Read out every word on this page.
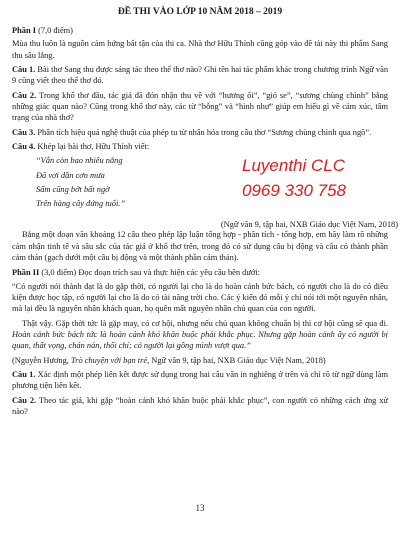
ĐỀ THI VÀO LỚP 10 NĂM 2018 – 2019
Phần I (7,0 điểm)

Mùa thu luôn là nguồn cảm hứng bất tận của thi ca. Nhà thơ Hữu Thỉnh cũng góp vào đề tài này thi phẩm Sang thu sâu lắng.

Câu 1. Bài thơ Sang thu được sáng tác theo thể thơ nào? Ghi tên hai tác phẩm khác trong chương trình Ngữ văn 9 cũng viết theo thể thơ đó.

Câu 2. Trong khổ thơ đầu, tác giả đã đón nhận thu về với “hương ổi”, “gió se”, “sương chùng chình” bằng những giác quan nào? Cũng trong khổ thơ này, các từ “bỗng” và “hình như” giúp em hiểu gì về cảm xúc, tâm trạng của nhà thơ?

Câu 3. Phân tích hiệu quả nghệ thuật của phép tu từ nhân hóa trong câu thơ “Sương chùng chình qua ngõ”.

Câu 4. Khép lại bài thơ, Hữu Thỉnh viết:

“Vẫn còn bao nhiêu nắng
Đã vơi dần cơn mưa
Sấm cũng bớt bất ngờ
Trên hàng cây đứng tuổi.”
(Ngữ văn 9, tập hai, NXB Giáo dục Việt Nam, 2018)
Luyenthi CLC
0969 330 758

Bằng một đoạn văn khoảng 12 câu theo phép lập luận tổng hợp - phân tích - tổng hợp, em hãy làm rõ những cảm nhận tinh tế và sâu sắc của tác giả ở khổ thơ trên, trong đó có sử dụng câu bị động và câu có thành phần cảm thán (gạch dưới một câu bị động và một thành phần cảm thán).

Phần II (3,0 điểm) Đọc đoạn trích sau và thực hiện các yêu cầu bên dưới:

“Có người nói thành đạt là do gặp thời, có người lại cho là do hoàn cảnh bức bách, có người cho là do có điều kiện được học tập, có người lại cho là do có tài năng trời cho. Các ý kiến đó mỗi ý chỉ nói tới một nguyên nhân, mà lại đều là nguyên nhân khách quan, họ quên mất nguyên nhân chủ quan của con người.

Thật vậy. Gặp thời tức là gặp may, có cơ hội, nhưng nếu chủ quan không chuẩn bị thì cơ hội cũng sẽ qua đi. Hoàn cảnh bức bách tức là hoàn cảnh khó khăn buộc phải khắc phục. Nhưng gặp hoàn cảnh ấy có người bị quan, thất vọng, chán nản, thối chí; có người lại gồng mình vượt qua.”

(Nguyễn Hương, Trò chuyện với bạn trẻ, Ngữ văn 9, tập hai, NXB Giáo dục Việt Nam, 2018)

Câu 1. Xác định một phép liên kết được sử dụng trong hai câu văn in nghiêng ở trên và chỉ rõ từ ngữ dùng làm phương tiện liên kết.

Câu 2. Theo tác giả, khi gặp “hoàn cảnh khó khăn buộc phải khắc phục”, con người có những cách ứng xử nào?

13
